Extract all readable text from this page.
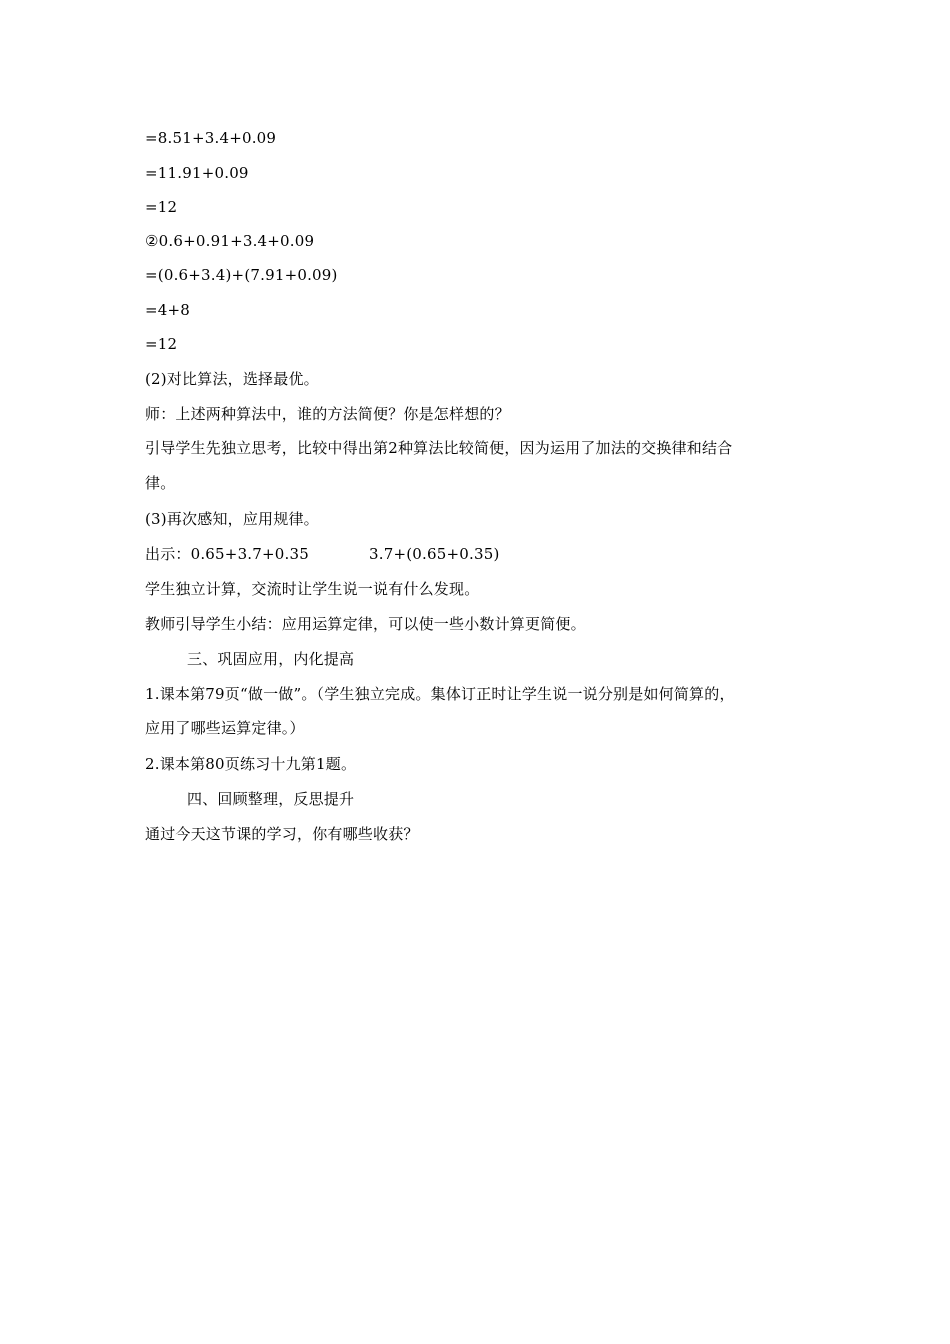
=8.51+3.4+0.09
=11.91+0.09
=12
②0.6+0.91+3.4+0.09
=(0.6+3.4)+(7.91+0.09)
=4+8
=12
(2)对比算法，选择最优。
师：上述两种算法中，谁的方法简便？你是怎样想的？
引导学生先独立思考，比较中得出第2种算法比较简便，因为运用了加法的交换律和结合
律。
(3)再次感知，应用规律。
出示：0.65+3.7+0.35	3.7+(0.65+0.35)
学生独立计算，交流时让学生说一说有什么发现。
教师引导学生小结：应用运算定律，可以使一些小数计算更简便。
三、巩固应用，内化提高
1.课本第79页“做一做”。（学生独立完成。集体订正时让学生说一说分别是如何简算的，
应用了哪些运算定律。）
2.课本第80页练习十九第1题。
四、回顾整理，反思提升
通过今天这节课的学习，你有哪些收获？
